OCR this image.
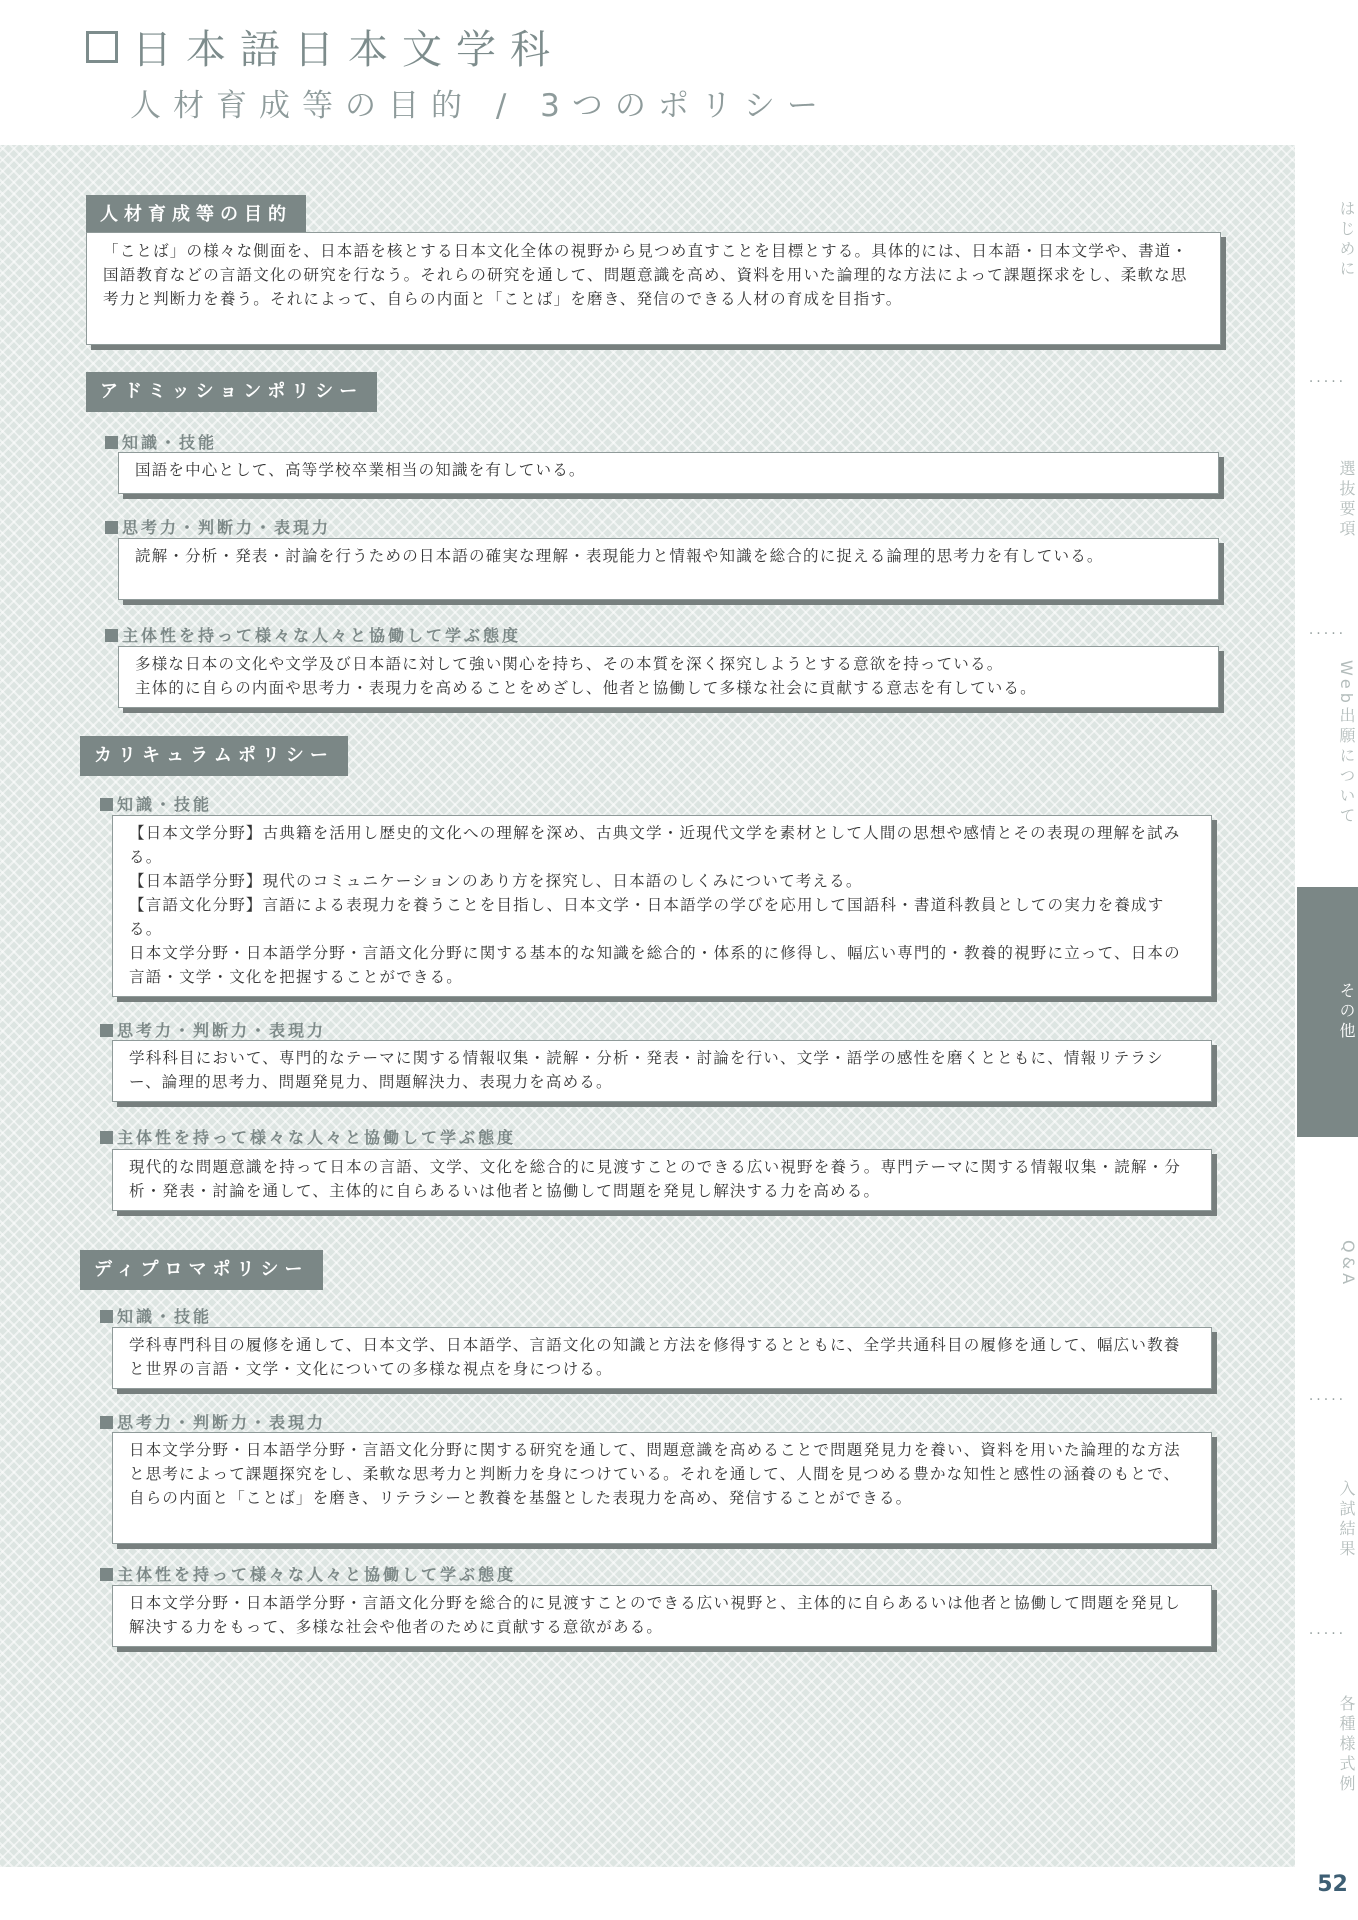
日本語日本文学科
人材育成等の目的 / 3つのポリシー
人材育成等の目的

「ことば」の様々な側面を、日本語を核とする日本文化全体の視野から見つめ直すことを目標とする。具体的には、日本語・日本文学や、書道・国語教育などの言語文化の研究を行なう。それらの研究を通して、問題意識を高め、資料を用いた論理的な方法によって課題探求をし、柔軟な思考力と判断力を養う。それによって、自らの内面と「ことば」を磨き、発信のできる人材の育成を目指す。

アドミッションポリシー
知識・技能

国語を中心として、高等学校卒業相当の知識を有している。

思考力・判断力・表現力

読解・分析・発表・討論を行うための日本語の確実な理解・表現能力と情報や知識を総合的に捉える論理的思考力を有している。

主体性を持って様々な人々と協働して学ぶ態度

多様な日本の文化や文学及び日本語に対して強い関心を持ち、その本質を深く探究しようとする意欲を持っている。

主体的に自らの内面や思考力・表現力を高めることをめざし、他者と協働して多様な社会に貢献する意志を有している。

カリキュラムポリシー
知識・技能

【日本文学分野】古典籍を活用し歴史的文化への理解を深め、古典文学・近現代文学を素材として人間の思想や感情とその表現の理解を試みる。

【日本語学分野】現代のコミュニケーションのあり方を探究し、日本語のしくみについて考える。

【言語文化分野】言語による表現力を養うことを目指し、日本文学・日本語学の学びを応用して国語科・書道科教員としての実力を養成する。

日本文学分野・日本語学分野・言語文化分野に関する基本的な知識を総合的・体系的に修得し、幅広い専門的・教養的視野に立って、日本の言語・文学・文化を把握することができる。

思考力・判断力・表現力

学科科目において、専門的なテーマに関する情報収集・読解・分析・発表・討論を行い、文学・語学の感性を磨くとともに、情報リテラシー、論理的思考力、問題発見力、問題解決力、表現力を高める。

主体性を持って様々な人々と協働して学ぶ態度

現代的な問題意識を持って日本の言語、文学、文化を総合的に見渡すことのできる広い視野を養う。専門テーマに関する情報収集・読解・分析・発表・討論を通して、主体的に自らあるいは他者と協働して問題を発見し解決する力を高める。

ディプロマポリシー
知識・技能

学科専門科目の履修を通して、日本文学、日本語学、言語文化の知識と方法を修得するとともに、全学共通科目の履修を通して、幅広い教養と世界の言語・文学・文化についての多様な視点を身につける。

思考力・判断力・表現力

日本文学分野・日本語学分野・言語文化分野に関する研究を通して、問題意識を高めることで問題発見力を養い、資料を用いた論理的な方法と思考によって課題探究をし、柔軟な思考力と判断力を身につけている。それを通して、人間を見つめる豊かな知性と感性の涵養のもとで、自らの内面と「ことば」を磨き、リテラシーと教養を基盤とした表現力を高め、発信することができる。

主体性を持って様々な人々と協働して学ぶ態度

日本文学分野・日本語学分野・言語文化分野を総合的に見渡すことのできる広い視野と、主体的に自らあるいは他者と協働して問題を発見し解決する力をもって、多様な社会や他者のために貢献する意欲がある。

はじめに
·····
選抜要項
·····
Web出願について
その他
Q&A
·····
入試結果
·····
各種様式例
52
